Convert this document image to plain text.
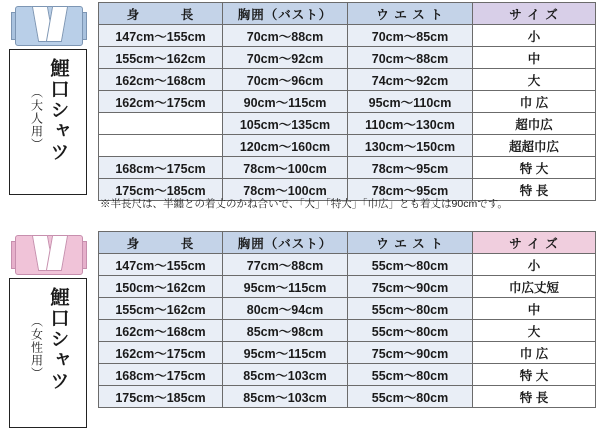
鯉口シャツ
（大人用）
身　　　長	胸囲（バスト）	ウ エ ス ト	サ イ ズ
147cm〜155cm	70cm〜88cm	70cm〜85cm	小
155cm〜162cm	70cm〜92cm	70cm〜88cm	中
162cm〜168cm	70cm〜96cm	74cm〜92cm	大
162cm〜175cm	90cm〜115cm	95cm〜110cm	巾 広
	105cm〜135cm	110cm〜130cm	超巾広
	120cm〜160cm	130cm〜150cm	超超巾広
168cm〜175cm	78cm〜100cm	78cm〜95cm	特 大
175cm〜185cm	78cm〜100cm	78cm〜95cm	特 長
※半長尺は、半纏との着丈のかね合いで、「大」「特大」「巾広」とも着丈は90cmです。
鯉口シャツ
（女性用）
身　　　長	胸囲（バスト）	ウ エ ス ト	サ イ ズ
147cm〜155cm	77cm〜88cm	55cm〜80cm	小
150cm〜162cm	95cm〜115cm	75cm〜90cm	巾広丈短
155cm〜162cm	80cm〜94cm	55cm〜80cm	中
162cm〜168cm	85cm〜98cm	55cm〜80cm	大
162cm〜175cm	95cm〜115cm	75cm〜90cm	巾 広
168cm〜175cm	85cm〜103cm	55cm〜80cm	特 大
175cm〜185cm	85cm〜103cm	55cm〜80cm	特 長
